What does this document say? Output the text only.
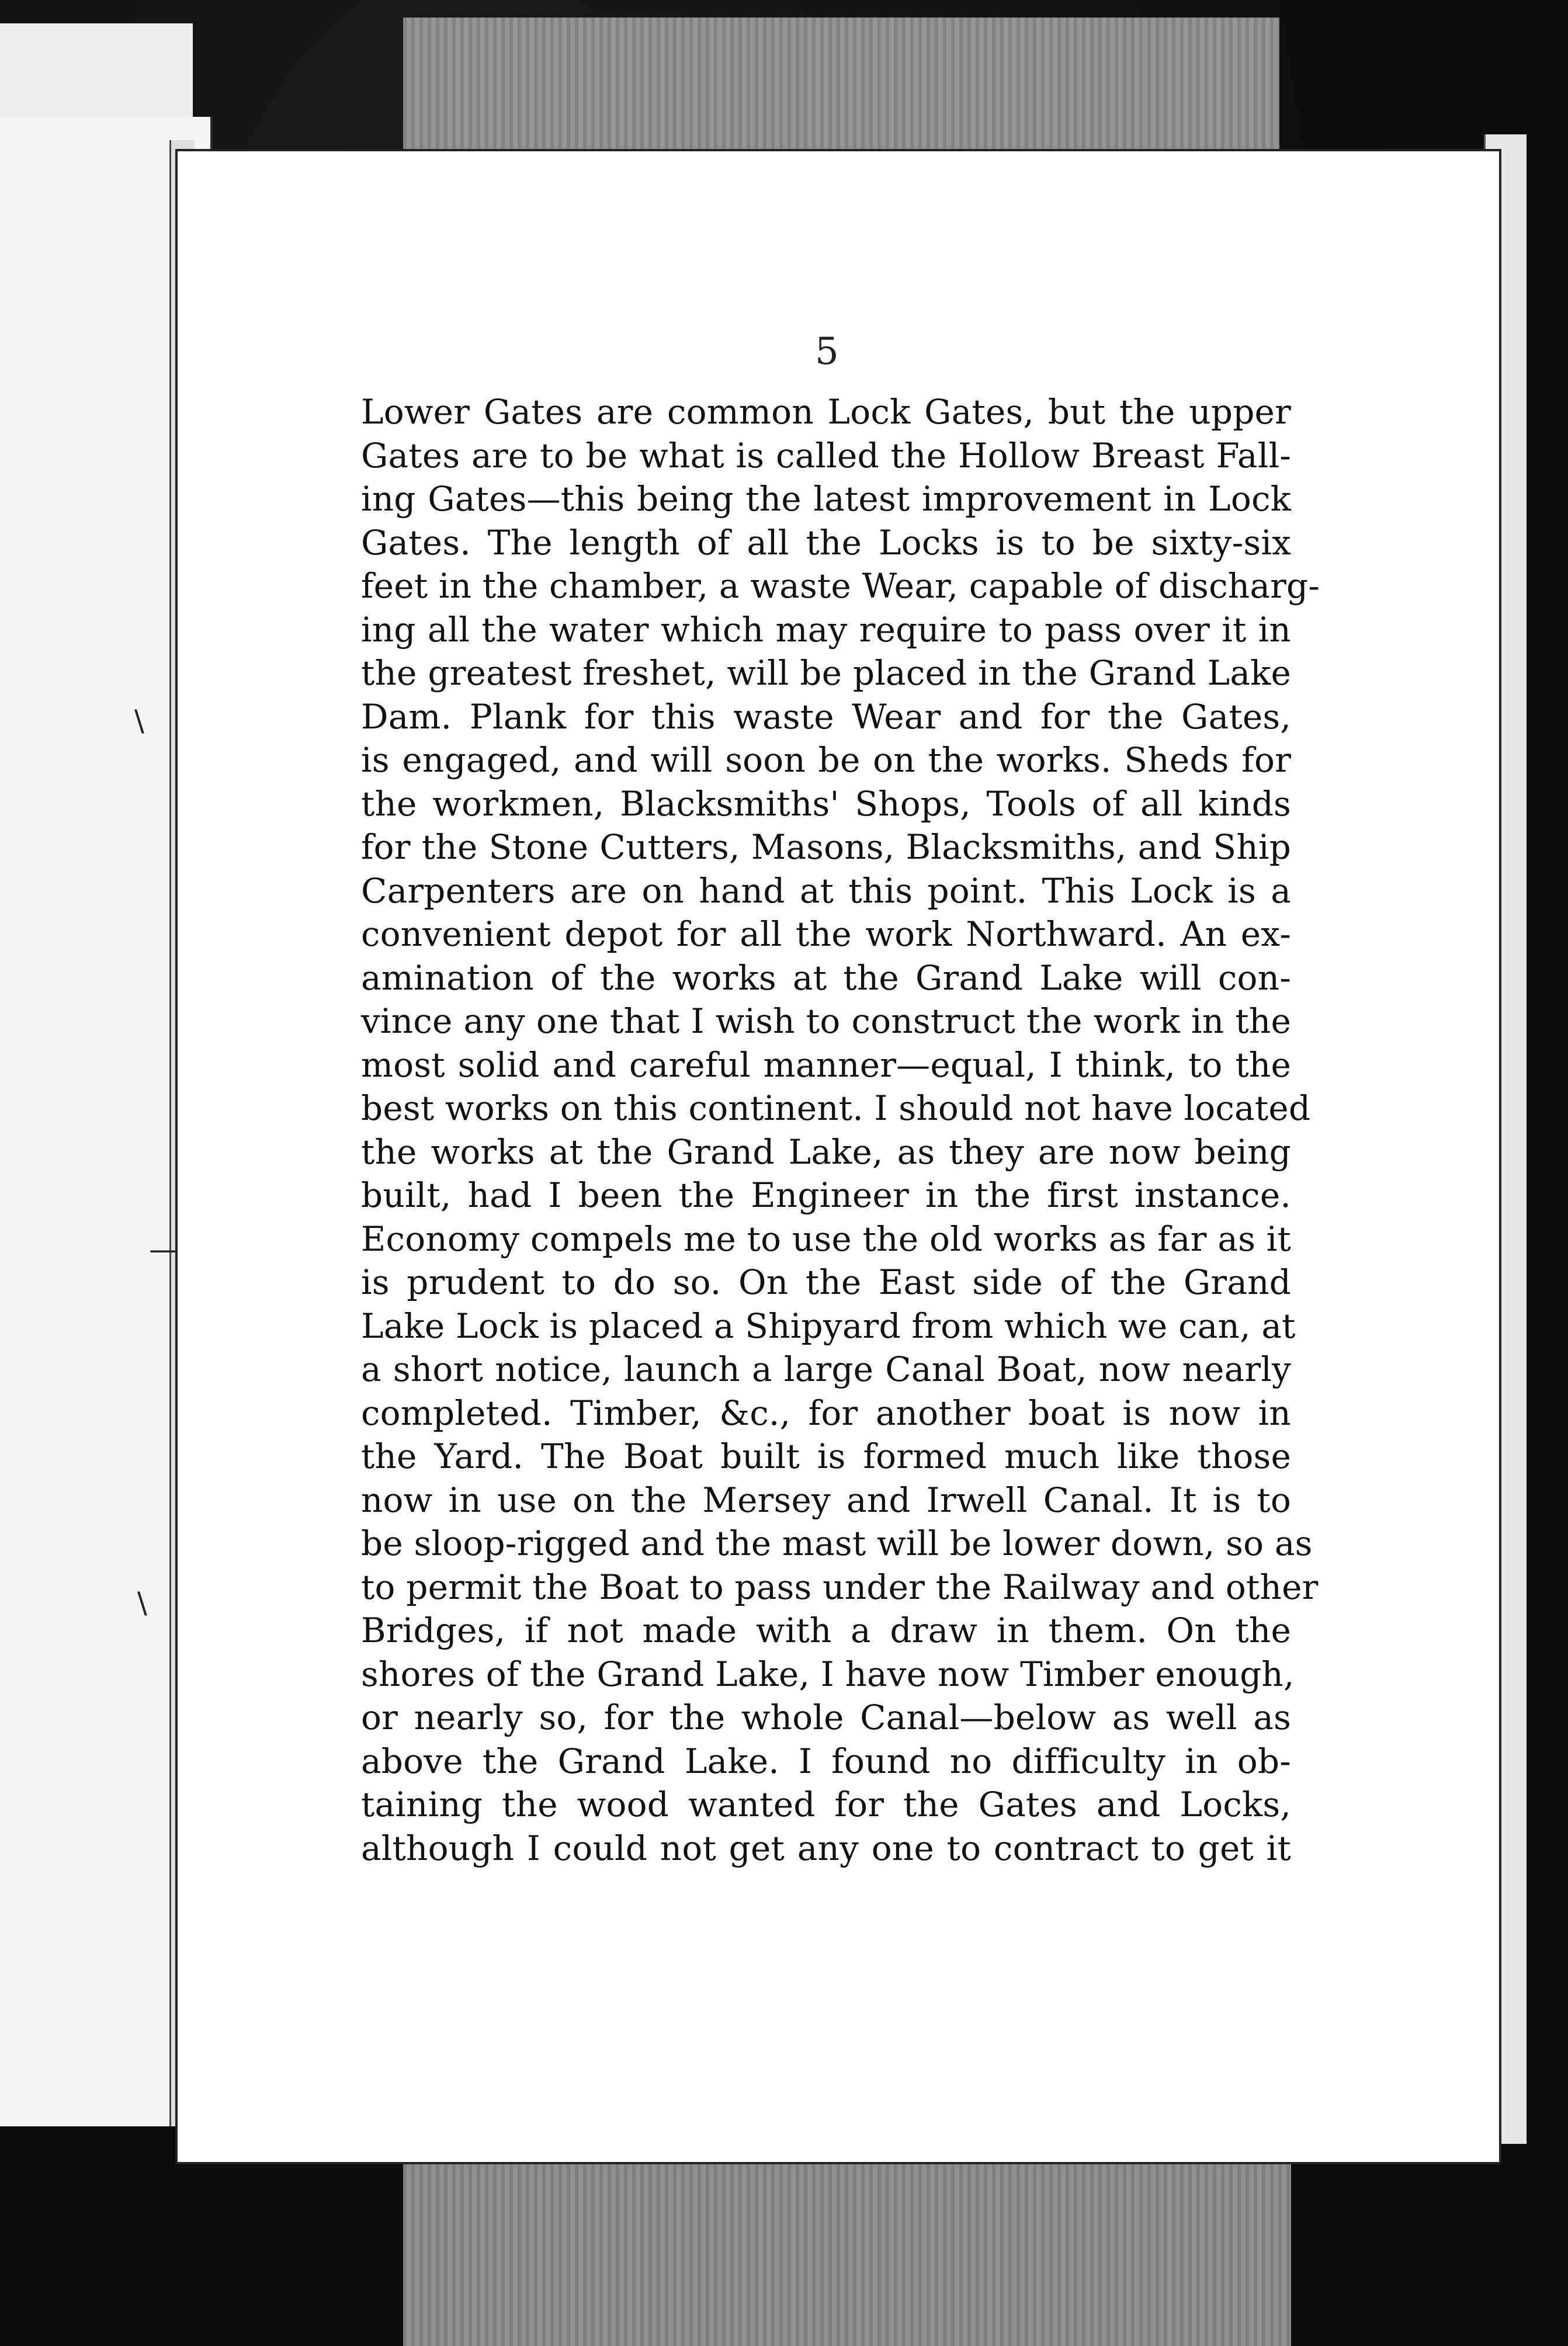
\
—
\
5
Lower Gates are common Lock Gates, but the upper
Gates are to be what is called the Hollow Breast Fall-
ing Gates—this being the latest improvement in Lock
Gates. The length of all the Locks is to be sixty-six
feet in the chamber, a waste Wear, capable of discharg-
ing all the water which may require to pass over it in
the greatest freshet, will be placed in the Grand Lake
Dam. Plank for this waste Wear and for the Gates,
is engaged, and will soon be on the works. Sheds for
the workmen, Blacksmiths' Shops, Tools of all kinds
for the Stone Cutters, Masons, Blacksmiths, and Ship
Carpenters are on hand at this point. This Lock is a
convenient depot for all the work Northward. An ex-
amination of the works at the Grand Lake will con-
vince any one that I wish to construct the work in the
most solid and careful manner—equal, I think, to the
best works on this continent. I should not have located
the works at the Grand Lake, as they are now being
built, had I been the Engineer in the first instance.
Economy compels me to use the old works as far as it
is prudent to do so. On the East side of the Grand
Lake Lock is placed a Shipyard from which we can, at
a short notice, launch a large Canal Boat, now nearly
completed. Timber, &c., for another boat is now in
the Yard. The Boat built is formed much like those
now in use on the Mersey and Irwell Canal. It is to
be sloop-rigged and the mast will be lower down, so as
to permit the Boat to pass under the Railway and other
Bridges, if not made with a draw in them. On the
shores of the Grand Lake, I have now Timber enough,
or nearly so, for the whole Canal—below as well as
above the Grand Lake. I found no difficulty in ob-
taining the wood wanted for the Gates and Locks,
although I could not get any one to contract to get it
